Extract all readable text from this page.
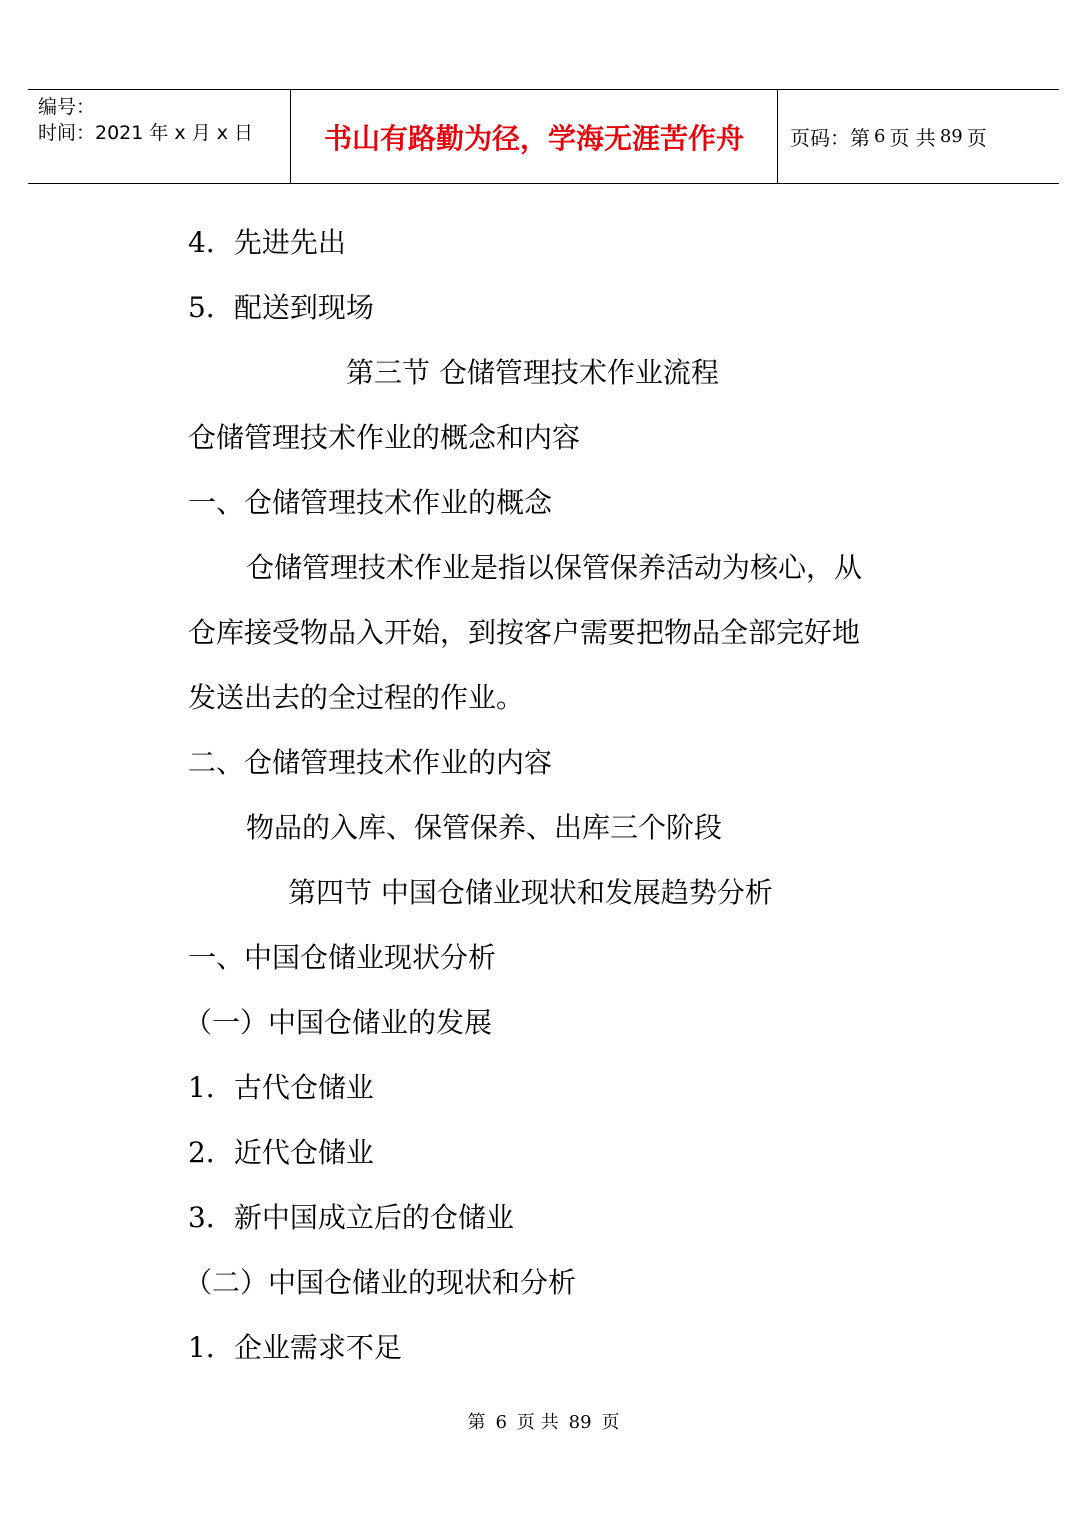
编号：
时间：2021 年 x 月 x 日	书山有路勤为径，学海无涯苦作舟	页码：第 6 页 共 89 页
4．先进先出
5．配送到现场
第三节 仓储管理技术作业流程
仓储管理技术作业的概念和内容
一、仓储管理技术作业的概念
仓储管理技术作业是指以保管保养活动为核心，从
仓库接受物品入开始，到按客户需要把物品全部完好地
发送出去的全过程的作业。
二、仓储管理技术作业的内容
物品的入库、保管保养、出库三个阶段
第四节 中国仓储业现状和发展趋势分析
一、中国仓储业现状分析
（一）中国仓储业的发展
1．古代仓储业
2．近代仓储业
3．新中国成立后的仓储业
（二）中国仓储业的现状和分析
1．企业需求不足
第 6 页 共 89 页
